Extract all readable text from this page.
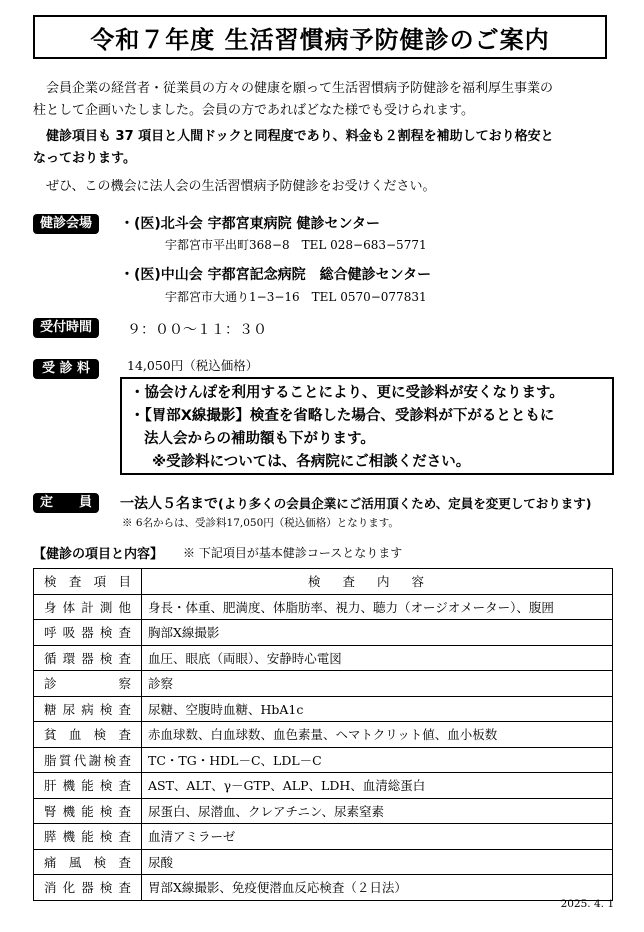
令和７年度 生活習慣病予防健診のご案内
会員企業の経営者・従業員の方々の健康を願って生活習慣病予防健診を福利厚生事業の
柱として企画いたしました。会員の方であればどなた様でも受けられます。
健診項目も 37 項目と人間ドックと同程度であり、料金も２割程を補助しており格安と
なっております。
ぜひ、この機会に法人会の生活習慣病予防健診をお受けください。
健診会場	・(医)北斗会 宇都宮東病院 健診センター
宇都宮市平出町368−8　TEL 028−683−5771
・(医)中山会 宇都宮記念病院　総合健診センター
宇都宮市大通り1−3−16　TEL 0570−077831
受付時間	９：００～１１：３０
受 診 料	14,050円（税込価格）
・協会けんぽを利用することにより、更に受診料が安くなります。
・【胃部X線撮影】検査を省略した場合、受診料が下がるとともに
法人会からの補助額も下がります。
※受診料については、各病院にご相談ください。
定　　員	一法人５名まで(より多くの会員企業にご活用頂くため、定員を変更しております)
※ 6名からは、受診料17,050円（税込価格）となります。
【健診の項目と内容】 ※ 下記項目が基本健診コースとなります
検査項目	検査内容
身体計測他	身長・体重、肥満度、体脂肪率、視力、聴力（オージオメーター）、腹囲
呼吸器検査	胸部X線撮影
循環器検査	血圧、眼底（両眼）、安静時心電図
診察	診察
糖尿病検査	尿糖、空腹時血糖、HbA1c
貧血検査	赤血球数、白血球数、血色素量、ヘマトクリット値、血小板数
脂質代謝検査	TC・TG・HDL－C、LDL－C
肝機能検査	AST、ALT、γ－GTP、ALP、LDH、血清総蛋白
腎機能検査	尿蛋白、尿潜血、クレアチニン、尿素窒素
膵機能検査	血清アミラーゼ
痛風検査	尿酸
消化器検査	胃部X線撮影、免疫便潜血反応検査（２日法）
2025. 4. 1
